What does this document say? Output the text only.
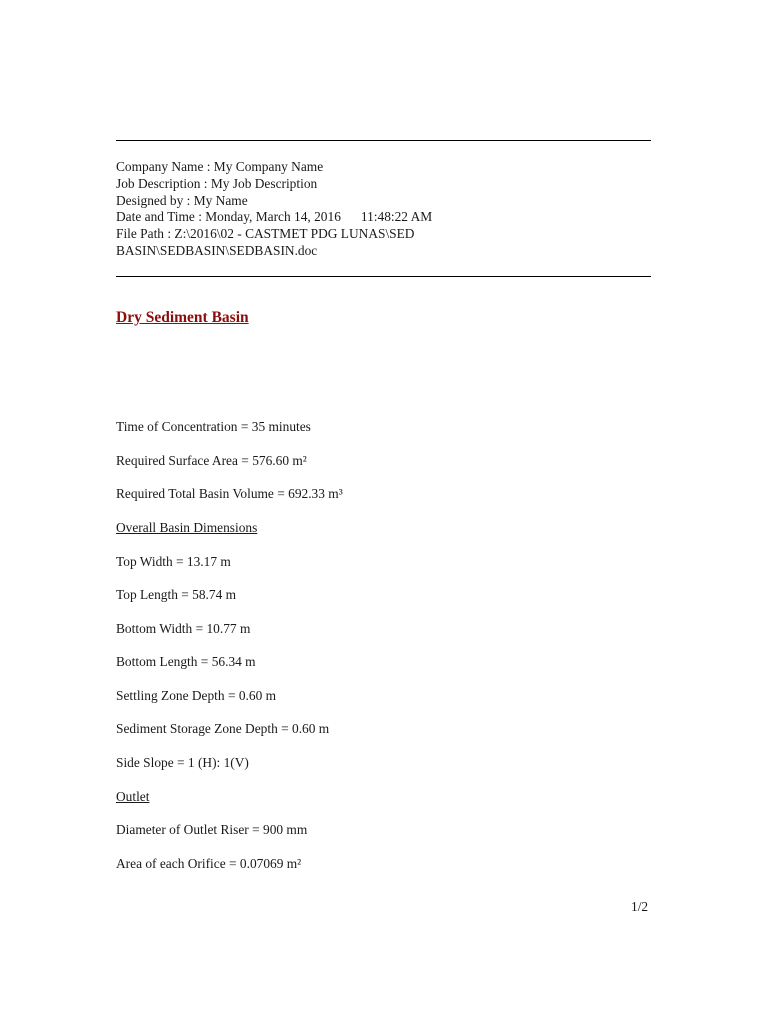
Company Name : My Company Name
Job Description : My Job Description
Designed by : My Name
Date and Time : Monday, March 14, 2016 11:48:22 AM
File Path : Z:\2016\02 - CASTMET PDG LUNAS\SED
BASIN\SEDBASIN\SEDBASIN.doc
Dry Sediment Basin
Time of Concentration = 35 minutes
Required Surface Area = 576.60 m²
Required Total Basin Volume = 692.33 m³
Overall Basin Dimensions
Top Width = 13.17 m
Top Length = 58.74 m
Bottom Width = 10.77 m
Bottom Length = 56.34 m
Settling Zone Depth = 0.60 m
Sediment Storage Zone Depth = 0.60 m
Side Slope = 1 (H): 1(V)
Outlet
Diameter of Outlet Riser = 900 mm
Area of each Orifice = 0.07069 m²
1/2
